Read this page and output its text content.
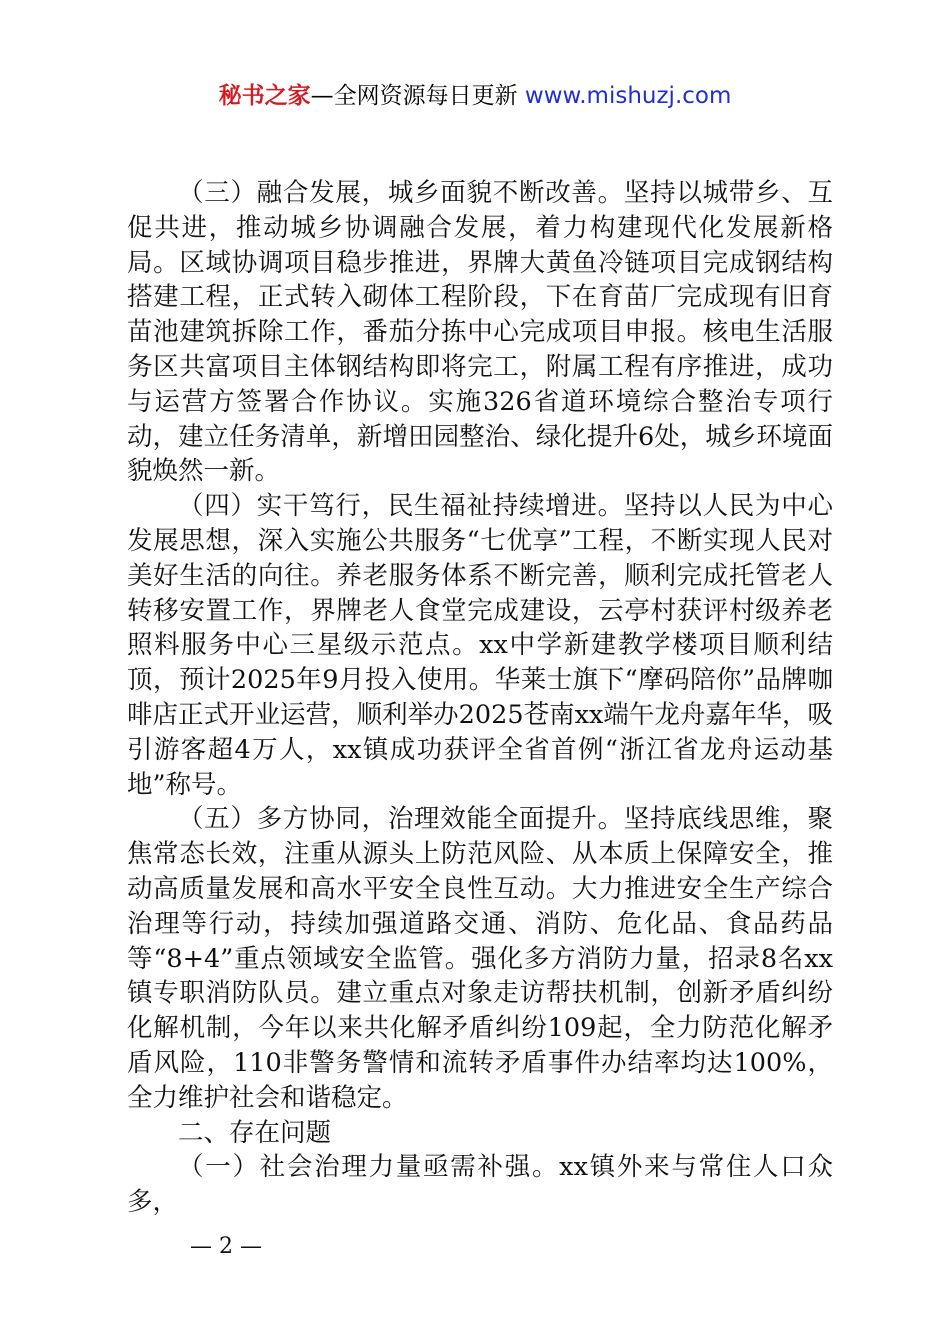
秘书之家—全网资源每日更新 www.mishuzj.com

（三）融合发展，城乡面貌不断改善。坚持以城带乡、互促共进，推动城乡协调融合发展，着力构建现代化发展新格局。区域协调项目稳步推进，界牌大黄鱼冷链项目完成钢结构搭建工程，正式转入砌体工程阶段，下在育苗厂完成现有旧育苗池建筑拆除工作，番茄分拣中心完成项目申报。核电生活服务区共富项目主体钢结构即将完工，附属工程有序推进，成功与运营方签署合作协议。实施326省道环境综合整治专项行动，建立任务清单，新增田园整治、绿化提升6处，城乡环境面貌焕然一新。

（四）实干笃行，民生福祉持续增进。坚持以人民为中心发展思想，深入实施公共服务“七优享”工程，不断实现人民对美好生活的向往。养老服务体系不断完善，顺利完成托管老人转移安置工作，界牌老人食堂完成建设，云亭村获评村级养老照料服务中心三星级示范点。xx中学新建教学楼项目顺利结顶，预计2025年9月投入使用。华莱士旗下“摩码陪你”品牌咖啡店正式开业运营，顺利举办2025苍南xx端午龙舟嘉年华，吸引游客超4万人，xx镇成功获评全省首例“浙江省龙舟运动基地”称号。

（五）多方协同，治理效能全面提升。坚持底线思维，聚焦常态长效，注重从源头上防范风险、从本质上保障安全，推动高质量发展和高水平安全良性互动。大力推进安全生产综合治理等行动，持续加强道路交通、消防、危化品、食品药品等“8+4”重点领域安全监管。强化多方消防力量，招录8名xx镇专职消防队员。建立重点对象走访帮扶机制，创新矛盾纠纷化解机制，今年以来共化解矛盾纠纷109起，全力防范化解矛盾风险，110非警务警情和流转矛盾事件办结率均达100%，全力维护社会和谐稳定。

二、存在问题

（一）社会治理力量亟需补强。xx镇外来与常住人口众多，

— 2 —
